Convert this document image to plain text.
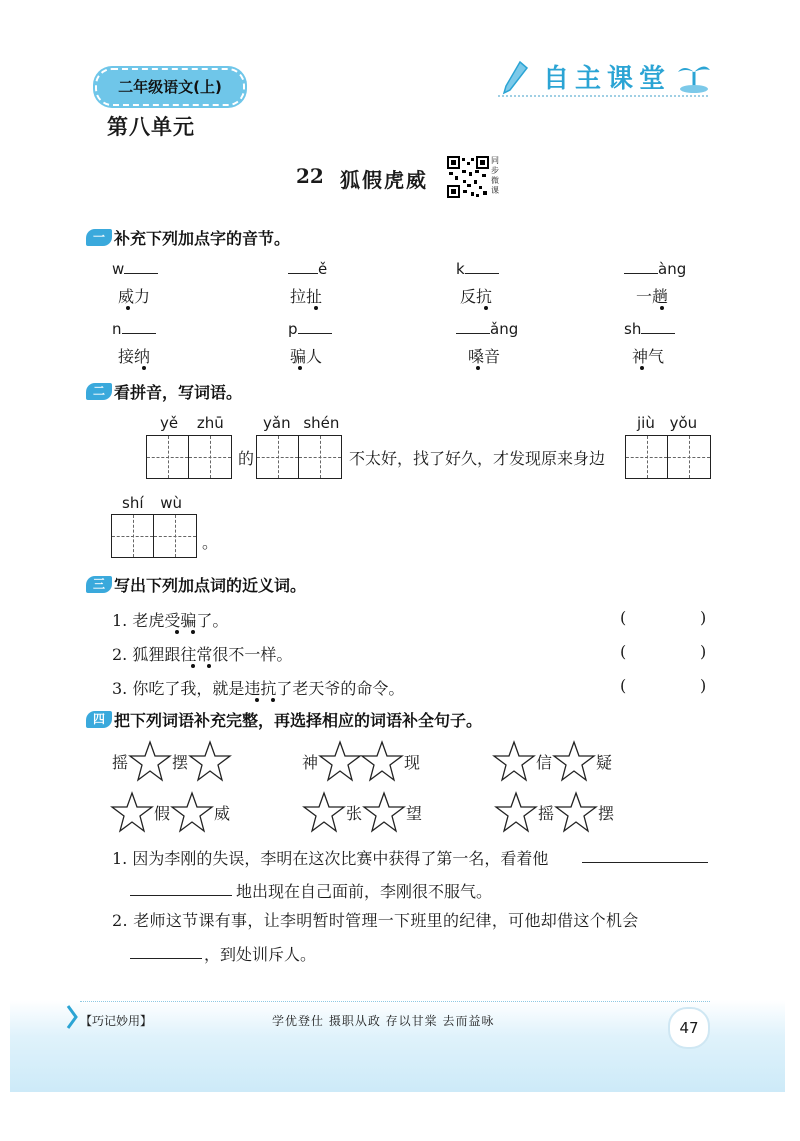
二年级语文(上)
第八单元
自主课堂
22 狐假虎威
同
步
微
课
一 补充下列加点字的音节。
w
威力
ě
拉扯
k
反抗
àng
一趟
n
接纳
p
骗人
ǎng
嗓音
sh
神气
二 看拼音，写词语。
yě zhū
的
yǎn shén
不太好，找了好久，才发现原来身边
jiù yǒu
shí wù
。
三 写出下列加点词的近义词。
1. 老虎受骗了。	(	)
2. 狐狸跟往常很不一样。	(	)
3. 你吃了我，就是违抗了老天爷的命令。	(	)
四 把下列词语补充完整，再选择相应的词语补全句子。
摇	摆	神	现	信	疑
假	威	张	望	摇	摆
1. 因为李刚的失误，李明在这次比赛中获得了第一名，看着他
地出现在自己面前，李刚很不服气。
2. 老师这节课有事，让李明暂时管理一下班里的纪律，可他却借这个机会
，到处训斥人。
【巧记妙用】	学优登仕 摄职从政 存以甘棠 去而益咏	47
